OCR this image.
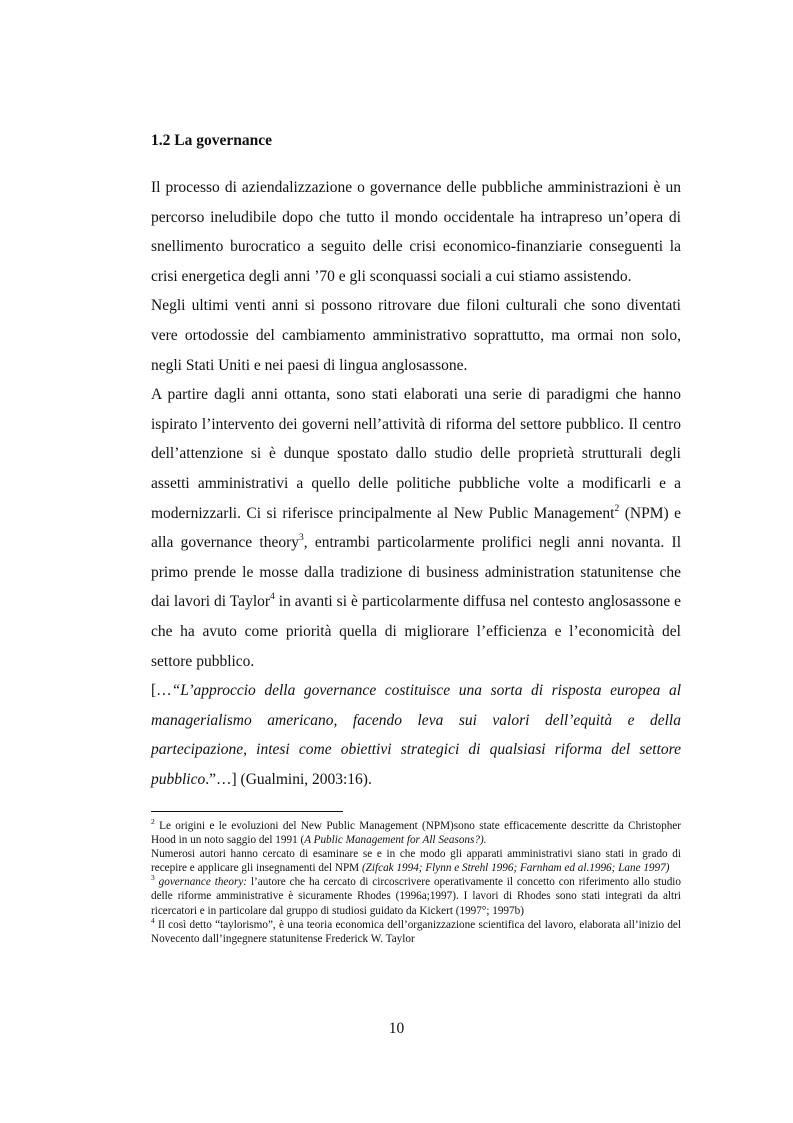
1.2 La governance

Il processo di aziendalizzazione o governance delle pubbliche amministrazioni è un percorso ineludibile dopo che tutto il mondo occidentale ha intrapreso un’opera di snellimento burocratico a seguito delle crisi economico-finanziarie conseguenti la crisi energetica degli anni ’70 e gli sconquassi sociali a cui stiamo assistendo.

Negli ultimi venti anni si possono ritrovare due filoni culturali che sono diventati vere ortodossie del cambiamento amministrativo soprattutto, ma ormai non solo, negli Stati Uniti e nei paesi di lingua anglosassone.

A partire dagli anni ottanta, sono stati elaborati una serie di paradigmi che hanno ispirato l’intervento dei governi nell’attività di riforma del settore pubblico. Il centro dell’attenzione si è dunque spostato dallo studio delle proprietà strutturali degli assetti amministrativi a quello delle politiche pubbliche volte a modificarli e a modernizzarli. Ci si riferisce principalmente al New Public Management$^2$ (NPM) e alla governance theory$^3$, entrambi particolarmente prolifici negli anni novanta. Il primo prende le mosse dalla tradizione di business administration statunitense che dai lavori di Taylor$^4$ in avanti si è particolarmente diffusa nel contesto anglosassone e che ha avuto come priorità quella di migliorare l’efficienza e l’economicità del settore pubblico.

[…“L’approccio della governance costituisce una sorta di risposta europea al managerialismo americano, facendo leva sui valori dell’equità e della partecipazione, intesi come obiettivi strategici di qualsiasi riforma del settore pubblico.”…] (Gualmini, 2003:16).

$^2$ Le origini e le evoluzioni del New Public Management (NPM)sono state efficacemente descritte da Christopher Hood in un noto saggio del 1991 (A Public Management for All Seasons?).

Numerosi autori hanno cercato di esaminare se e in che modo gli apparati amministrativi siano stati in grado di recepire e applicare gli insegnamenti del NPM (Zifcak 1994; Flynn e Strehl 1996; Farnham ed al.1996; Lane 1997)

$^3$ governance theory: l’autore che ha cercato di circoscrivere operativamente il concetto con riferimento allo studio delle riforme amministrative è sicuramente Rhodes (1996a;1997). I lavori di Rhodes sono stati integrati da altri ricercatori e in particolare dal gruppo di studiosi guidato da Kickert (1997°; 1997b)

$^4$ Il così detto “taylorismo”, è una teoria economica dell’organizzazione scientifica del lavoro, elaborata all’inizio del Novecento dall’ingegnere statunitense Frederick W. Taylor

10
